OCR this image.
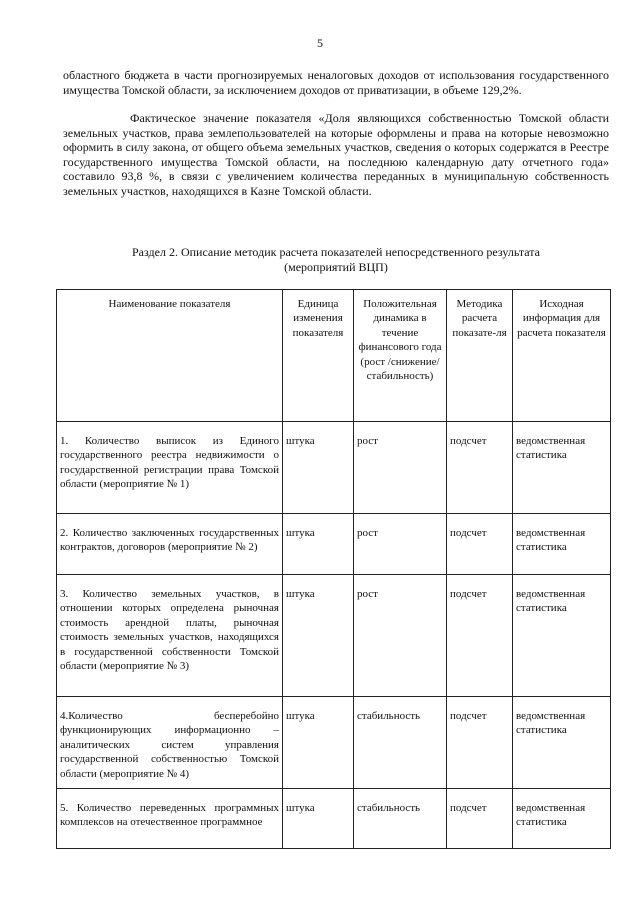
5

областного бюджета в части прогнозируемых неналоговых доходов от использования государственного имущества Томской области, за исключением доходов от приватизации, в объеме 129,2%.

Фактическое значение показателя «Доля являющихся собственностью Томской области земельных участков, права землепользователей на которые оформлены и права на которые невозможно оформить в силу закона, от общего объема земельных участков, сведения о которых содержатся в Реестре государственного имущества Томской области, на последнюю календарную дату отчетного года» составило 93,8 %, в связи с увеличением количества переданных в муниципальную собственность земельных участков, находящихся в Казне Томской области.

Раздел 2. Описание методик расчета показателей непосредственного результата
(мероприятий ВЦП)
Наименование показателя	Единица изменения показателя	Положительная динамика в течение финансового года (рост /снижение/ стабильность)	Методика расчета показате-ля	Исходная информация для расчета показателя
1. Количество выписок из Единого государственного реестра недвижимости о государственной регистрации права Томской области (мероприятие № 1)	штука	рост	подсчет	ведомственная статистика
2. Количество заключенных государственных контрактов, договоров (мероприятие № 2)	штука	рост	подсчет	ведомственная статистика
3. Количество земельных участков, в отношении которых определена рыночная стоимость арендной платы, рыночная стоимость земельных участков, находящихся в государственной собственности Томской области (мероприятие № 3)	штука	рост	подсчет	ведомственная статистика
4.Количество бесперебойно функционирующих информационно – аналитических систем управления государственной собственностью Томской области (мероприятие № 4)	штука	стабильность	подсчет	ведомственная статистика
5. Количество переведенных программных комплексов на отечественное программное	штука	стабильность	подсчет	ведомственная статистика
